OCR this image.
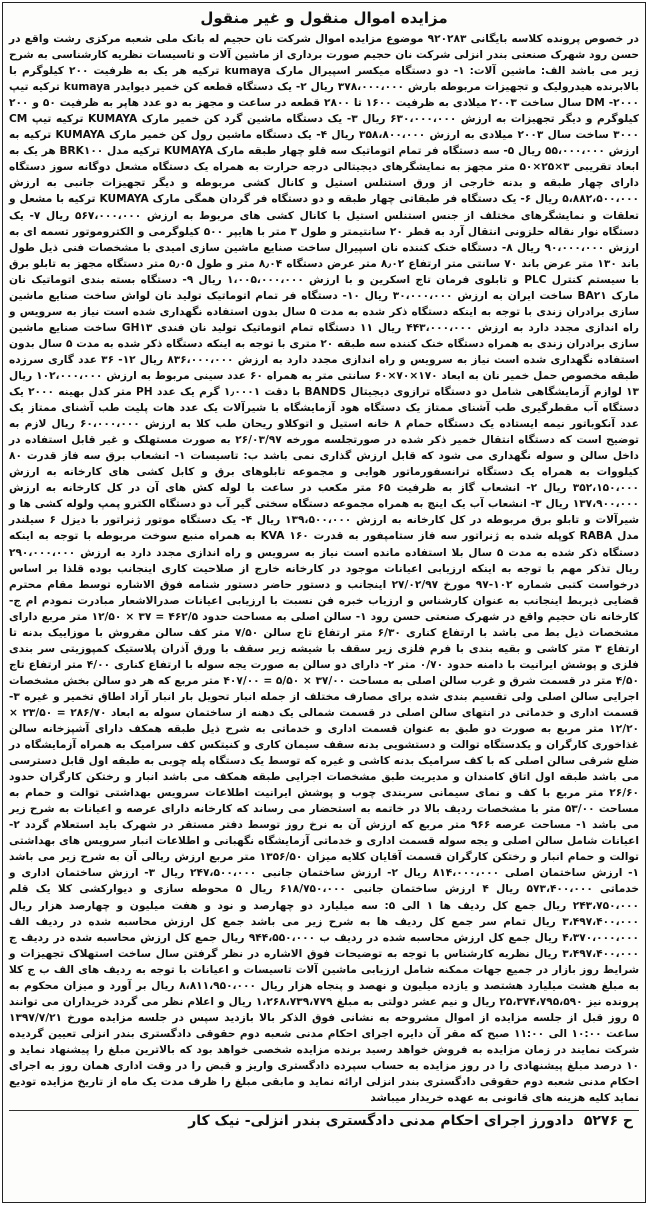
مزایده اموال منقول و غیر منقول

در خصوص پرونده کلاسه بایگانی ۹۲۰۲۸۳ موضوع مزایده اموال شرکت نان حجیم له بانک ملی شعبه مرکزی رشت واقع در حسن رود شهرک صنعتی بندر انزلی شرکت نان حجیم صورت برداری از ماشین آلات و تاسیسات نظریه کارشناسی به شرح زیر می باشد الف: ماشین آلات: ۱- دو دستگاه میکسر اسپیرال مارک kumaya ترکیه هر یک به ظرفیت ۲۰۰ کیلوگرم با بالابرنده هیدرولیک و تجهیزات مربوطه بارش ۳۷۸،۰۰۰،۰۰۰ ریال ۲- یک دستگاه قطعه کن خمیر دیوایدر kumaya ترکیه تیپ DM -۲۰۰۰ سال ساخت ۲۰۰۳ میلادی به ظرفیت ۱۶۰۰ تا ۲۸۰۰ قطعه در ساعت و مجهز به دو عدد هاپر به ظرفیت ۵۰ و ۲۰۰ کیلوگرم و دیگر تجهیزات به ارزش ۶۳۰،۰۰۰،۰۰۰ ریال ۳- یک دستگاه ماشین گرد کن خمیر مارک KUMAYA ترکیه تیپ CM ۳۰۰۰ ساخت سال ۲۰۰۳ میلادی به ارزش ۳۵۸،۸۰۰،۰۰۰ ریال ۴- یک دستگاه ماشین رول کن خمیر مارک KUMAYA ترکیه به ارزش ۵۵،۰۰۰،۰۰۰ ریال ۵- سه دستگاه فر تمام اتوماتیک سه قلو چهار طبقه مارک KUMAYA ترکیه مدل BRK۱۰۰ هر یک به ابعاد تقریبی ۳×۲۵×۵۰ متر مجهز به نمایشگرهای دیجیتالی درجه حرارت به همراه یک دستگاه مشعل دوگانه سوز دستگاه دارای چهار طبقه و بدنه خارجی از ورق استنلس استیل و کانال کشی مربوطه و دیگر تجهیزات جانبی به ارزش ۵،۸۸۲،۵۰۰،۰۰۰ ریال ۶- یک دستگاه فر طبقاتی چهار طبقه و دو دستگاه فر گردان همگی مارک KUMAYA ترکیه با مشعل و تعلقات و نمایشگرهای مختلف از جنس استنلس استیل با کانال کشی های مربوط به ارزش ۵۶۷،۰۰۰،۰۰۰ ریال ۷- یک دستگاه نوار نقاله حلزونی انتقال آرد به قطر ۲۰ سانتیمتر و طول ۳ متر با هایپر ۵۰۰ کیلوگرمی و الکتروموتور تسمه ای به ارزش ۹۰،۰۰۰،۰۰۰ ریال ۸- دستگاه خنک کننده نان اسپیرال ساخت صنایع ماشین سازی امیدی با مشخصات فنی ذیل طول باند ۱۳۰ متر عرض باند ۷۰ سانتی متر ارتفاع ۸٫۰۲ متر عرض دستگاه ۸٫۰۴ متر و طول ۵٫۰۵ متر دستگاه مجهز به تابلو برق با سیستم کنترل PLC و تابلوی فرمان تاج اسکرین و با ارزش ۱،۰۰۵،۰۰۰،۰۰۰ ریال ۹- دستگاه بسته بندی اتوماتیک نان مارک BA۲۱ ساخت ایران به ارزش ۳۰،۰۰۰،۰۰۰ ریال ۱۰- دستگاه فر تمام اتوماتیک تولید نان لواش ساخت صنایع ماشین سازی برادران زندی با توجه به اینکه دستگاه ذکر شده به مدت ۵ سال بدون استفاده نگهداری شده است نیاز به سرویس و راه اندازی مجدد دارد به ارزش ۴۴۳،۰۰۰،۰۰۰ ریال ۱۱ دستگاه تمام اتوماتیک تولید نان فندی GH۱۳ ساخت صنایع ماشین سازی برادران زندی به همراه دستگاه خنک کننده سه طبقه ۲۰ متری با توجه به اینکه دستگاه ذکر شده به مدت ۵ سال بدون استفاده نگهداری شده است نیاز به سرویس و راه اندازی مجدد دارد به ارزش ۸۳۶،۰۰۰،۰۰۰ ریال ۱۲- ۳۶ عدد گاری سرزده طبقه مخصوص حمل خمیر نان به ابعاد ۱۷۰×۷۰×۶۰ سانتی متر به همراه ۶۰ عدد سینی مربوط به ارزش ۱۰۲،۰۰۰،۰۰۰ ریال ۱۳ لوازم آزمایشگاهی شامل دو دستگاه ترازوی دیجیتال BANDS با دقت ۱٫۰۰۰۱ گرم یک عدد PH متر کدل بهینه ۲۰۰۰ یک دستگاه آب مقطرگیری طب آشنای ممتاز یک دستگاه هود آزمایشگاه با شیرآلات یک عدد هات پلیت طب آشنای ممتاز یک عدد آنکوباتور نیمه ایستاده یک دستگاه حمام ۸ خانه استیل و اتوکلاو ریحان طب کلا به ارزش ۶۰،۰۰۰،۰۰۰ ریال لازم به توضیح است که دستگاه انتقال خمیر ذکر شده در صورتجلسه مورخه ۲۶/۰۳/۹۷ به صورت مستهلک و غیر قابل استفاده در داخل سالن و سوله نگهداری می شود که قابل ارزش گذاری نمی باشد ب: تاسیسات ۱- انشعاب برق سه فاز قدرت ۸۰ کیلووات به همراه یک دستگاه ترانسفورماتور هوایی و مجموعه تابلوهای برق و کابل کشی های کارخانه به ارزش ۳۵۲،۱۵۰،۰۰۰ ریال ۲- انشعاب گاز به ظرفیت ۶۵ متر مکعب در ساعت با لوله کش های آن در کل کارخانه به ارزش ۱۳۷،۹۰۰،۰۰۰ ریال ۳- انشعاب آب یک اینچ به همراه مجموعه دستگاه سختی گیر آب دو دستگاه الکترو پمپ ولوله کشی ها و شیرآلات و تابلو برق مربوطه در کل کارخانه به ارزش ۱۳۹،۵۰۰،۰۰۰ ریال ۴- یک دستگاه موتور ژنراتور با دیزل ۶ سیلندر مدل RABA کوپله شده به ژنراتور سه فاز ستامپفور به قدرت KVA ۱۶۰ به همراه منبع سوخت مربوطه با توجه به اینکه دستگاه ذکر شده به مدت ۵ سال بلا استفاده مانده است نیاز به سرویس و راه اندازی مجدد دارد به ارزش ۲۹۰،۰۰۰،۰۰۰ ریال تذکر مهم با توجه به اینکه ارزیابی اعیانات موجود در کارخانه خارج از صلاحیت کاری اینجانب بوده قلذا بر اساس درخواست کتبی شماره ۱۰۲-۹۷ مورخ ۲۷/۰۲/۹۷ اینجانب و دستور حاضر دستور شنامه فوق الاشاره توسط مقام محترم قضایی ذیربط اینجانب به عنوان کارشناس و ارزیاب خبره فن نسبت با ارزیابی اعیانات صدرالاشعار مبادرت نمودم ام ج- کارخانه نان حجیم واقع در شهرک صنعتی حسن رود ۱- سالن اصلی به مساحت حدود ۴۶۲/۵ = ۳۷ × ۱۲/۵۰ متر مربع دارای مشخصات ذیل بط می باشد با ارتفاع کناری ۶/۳۰ متر ارتفاع تاج سالن ۷/۵۰ متر کف سالن مفروش با موزاییک بدنه تا ارتفاع ۳ متر کاشی و بقیه بندی با فرم فلزی زیر سقف با شیشه زیر سقف با ورق آذران پلاستیک کمپوزیتی سر بندی فلزی و پوشش ایرانیت با دامنه حدود ۰/۷۰ متر ۲- دارای دو سالن به صورت یجه سوله با ارتفاع کناری ۴/۰۰ متر ارتفاع تاج ۴/۵۰ متر در قسمت شرق و غرب سالن اصلی به مساحت ۳۷/۰۰ × ۵/۵۰ = ۴۰۷/۰۰ متر مربع که هر دو سالن بخش مشخصات اجرایی سالن اصلی ولی تقسیم بندی شده برای مصارف مختلف از جمله انبار تحویل بار انبار آراد اطاق تخمیر و غیره ۳- قسمت اداری و خدماتی در انتهای سالن اصلی در قسمت شمالی یک دهنه از ساختمان سوله به ابعاد ۲۸۶/۷۰ = ۲۳/۵۰ × ۱۲/۲۰ متر مربع به صورت دو طبق به عنوان قسمت اداری و خدماتی به شرح ذیل طبقه همکف دارای آشپزخانه سالن غذاخوری کارگران و یکدستگاه توالت و دستشویی بدنه سقف سیمان کاری و کنیتکس کف سرامیک به همراه آزمایشگاه در ضلع شرقی سالن اصلی که با کف سرامیک بدنه کاشی و غیره که توسط یک دستگاه پله چوبی به طبقه اول قابل دسترسی می باشد طبقه اول اتاق کامندان و مدیریت طبق مشخصات اجرایی طبقه همکف می باشد انبار و رختکن کارگران حدود ۲۶/۶۰ متر مربع با کف و نمای سیمانی سربندی چوب و پوشش ایرانیت اطلاعات سرویس بهداشتی توالت و حمام به مساحت ۵۳/۰۰ متر با مشخصات ردیف بالا در خاتمه به استحضار می رساند که کارخانه دارای عرصه و اعیانات به شرح زیر می باشد ۱- مساحت عرصه ۹۶۶ متر مربع که ارزش آن به نرخ روز توسط دفتر مستقر در شهرک باید استعلام گردد ۲- اعیانات شامل سالن اصلی و یجه سوله قسمت اداری و خدماتی آزمایشگاه نگهبانی و اطلاعات انبار سرویس های بهداشتی توالت و حمام انبار و رختکن کارگران قسمت آقایان کلایه میزان ۱۳۵۶/۵۰ متر مربع ارزش ریالی آن به شرح زیر می باشد ۱- ارزش ساختمان اصلی ۸۱۴،۰۰۰،۰۰۰ ریال ۲- ارزش ساختمان جانبی ۲۴۷،۵۰۰،۰۰۰ ریال ۳- ارزش ساختمان اداری و خدماتی ۵۷۳،۴۰۰،۰۰۰ ریال ۴ ارزش ساختمان جانبی ۶۱۸/۷۵۰،۰۰۰ ریال ۵ محوطه سازی و دیوارکشی کلا یک قلم ۲۴۳،۷۵۰،۰۰۰ ریال جمع کل ردیف ها ۱ الی ۵: سه میلیارد دو چهارصد و نود و هفت میلیون و چهارصد هزار ریال ۳،۴۹۷،۴۰۰،۰۰۰ ریال تمام سر جمع کل ردیف ها به شرح زیر می باشد جمع کل ارزش محاسبه شده در ردیف الف ۴،۳۷۰،۰۰۰،۰۰۰ ریال جمع کل ارزش محاسبه شده در ردیف ب ۹۴۴،۵۵۰،۰۰۰ ریال جمع کل ارزش محاسبه شده در ردیف ج ۳،۴۹۷،۴۰۰،۰۰۰ ریال نظریه کارشناس با توجه به توضیحات فوق الاشاره در نظر گرفتن سال ساخت استهلاک تجهیزات و شرایط روز بازار در جمیع جهات ممکنه شامل ارزیابی ماشین آلات تاسیسات و اعیانات با توجه به ردیف های الف ب ج کلا به مبلغ هشت میلیارد هشتصد و یازده میلیون و نهصد و پنجاه هزار ریال ۸،۸۱۱،۹۵۰،۰۰۰ ریال بر آورد و میزان محکوم به پرونده نیز ۲۵،۳۷۴،۷۹۵،۵۹۰ ریال و نیم عشر دولتی به مبلغ ۱،۲۶۸،۷۳۹،۷۷۹ ریال و اعلام نظر می گردد خریداران می توانند ۵ روز قبل از جلسه مزایده از اموال مشروحه به نشانی فوق الذکر بالا بازدید سپس در جلسه مزایده مورخ ۱۳۹۷/۷/۲۱ ساعت ۱۰:۰۰ الی ۱۱:۰۰ صبح که مقر آن دایره اجرای احکام مدنی شعبه دوم حقوقی دادگستری بندر انزلی تعیین گردیده شرکت نمایند در زمان مزایده به فروش خواهد رسید برنده مزایده شخصی خواهد بود که بالاترین مبلغ را پیشنهاد نماید و ۱۰ درصد مبلغ پیشنهادی را در روز مزایده به حساب سپرده دادگستری واریز و قبض را در وقت اداری همان روز به اجرای احکام مدنی شعبه دوم حقوقی دادگستری بندر انزلی ارائه نماید و مابقی مبلغ را ظرف مدت یک ماه از تاریخ مزایده تودیع نماید کلیه هزینه های قانونی به عهده خریدار میباشد

ح ۵۲۷۶
دادورز اجرای احکام مدنی دادگستری بندر انزلی- نیک کار
